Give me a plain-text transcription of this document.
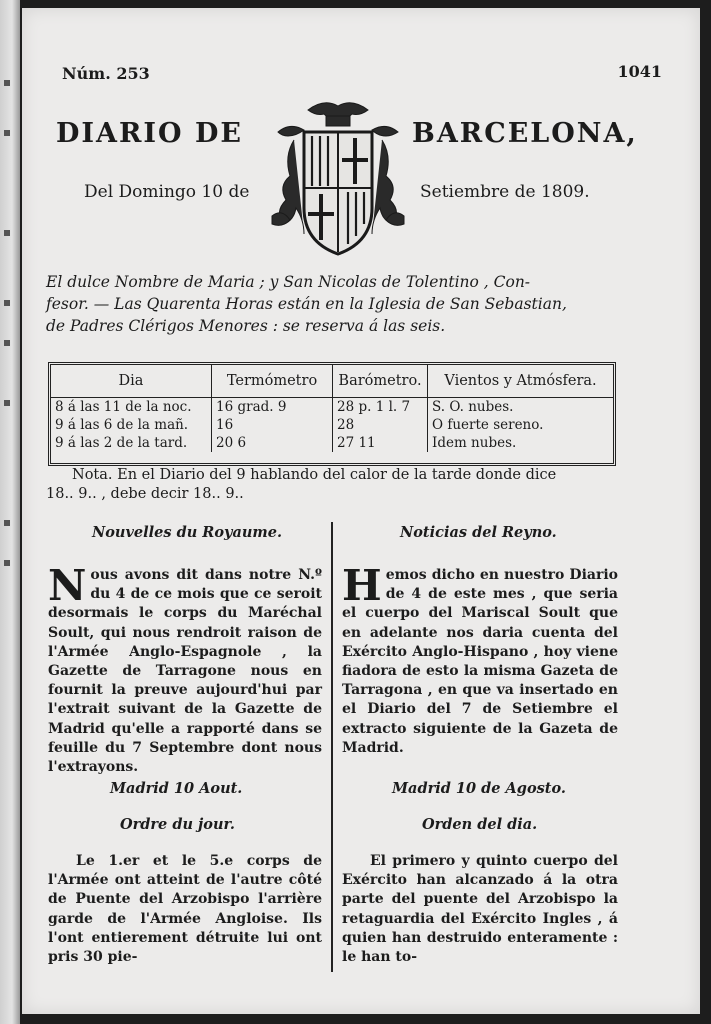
Núm. 253	1041
DIARIO DE	BARCELONA,
Del Domingo 10 de	Setiembre de 1809.
El dulce Nombre de Maria ; y San Nicolas de Tolentino , Con-
fesor. — Las Quarenta Horas están en la Iglesia de San Sebastian,
de Padres Clérigos Menores : se reserva á las seis.
Dia	Termómetro	Barómetro.	Vientos y Atmósfera.
8 á las 11 de la noc.	16 grad. 9	28 p. 1 l. 7	S. O. nubes.
9 á las 6 de la mañ.	16	28	O fuerte sereno.
9 á las 2 de la tard.	20 6	27 11	Idem nubes.
Nota. En el Diario del 9 hablando del calor de la tarde donde dice
18.. 9.. , debe decir 18.. 9..
Nouvelles du Royaume.	Noticias del Reyno.
Nous avons dit dans notre N.º du 4 de ce mois que ce seroit desormais le corps du Maréchal Soult, qui nous rendroit raison de l'Armée Anglo-Espagnole , la Gazette de Tarragone nous en fournit la preuve aujourd'hui par l'extrait suivant de la Gazette de Madrid qu'elle a rapporté dans se feuille du 7 Septembre dont nous l'extrayons.
Hemos dicho en nuestro Diario de 4 de este mes , que seria el cuerpo del Mariscal Soult que en adelante nos daria cuenta del Exército Anglo-Hispano , hoy viene fiadora de esto la misma Gazeta de Tarragona , en que va insertado en el Diario del 7 de Setiembre el extracto siguiente de la Gazeta de Madrid.
Madrid 10 Aout.
Ordre du jour.
Madrid 10 de Agosto.
Orden del dia.
Le 1.er et le 5.e corps de l'Armée ont atteint de l'autre côté de Puente del Arzobispo l'arrière garde de l'Armée Angloise. Ils l'ont entierement détruite lui ont pris 30 pie-
El primero y quinto cuerpo del Exército han alcanzado á la otra parte del puente del Arzobispo la retaguardia del Exército Ingles , á quien han destruido enteramente : le han to-
